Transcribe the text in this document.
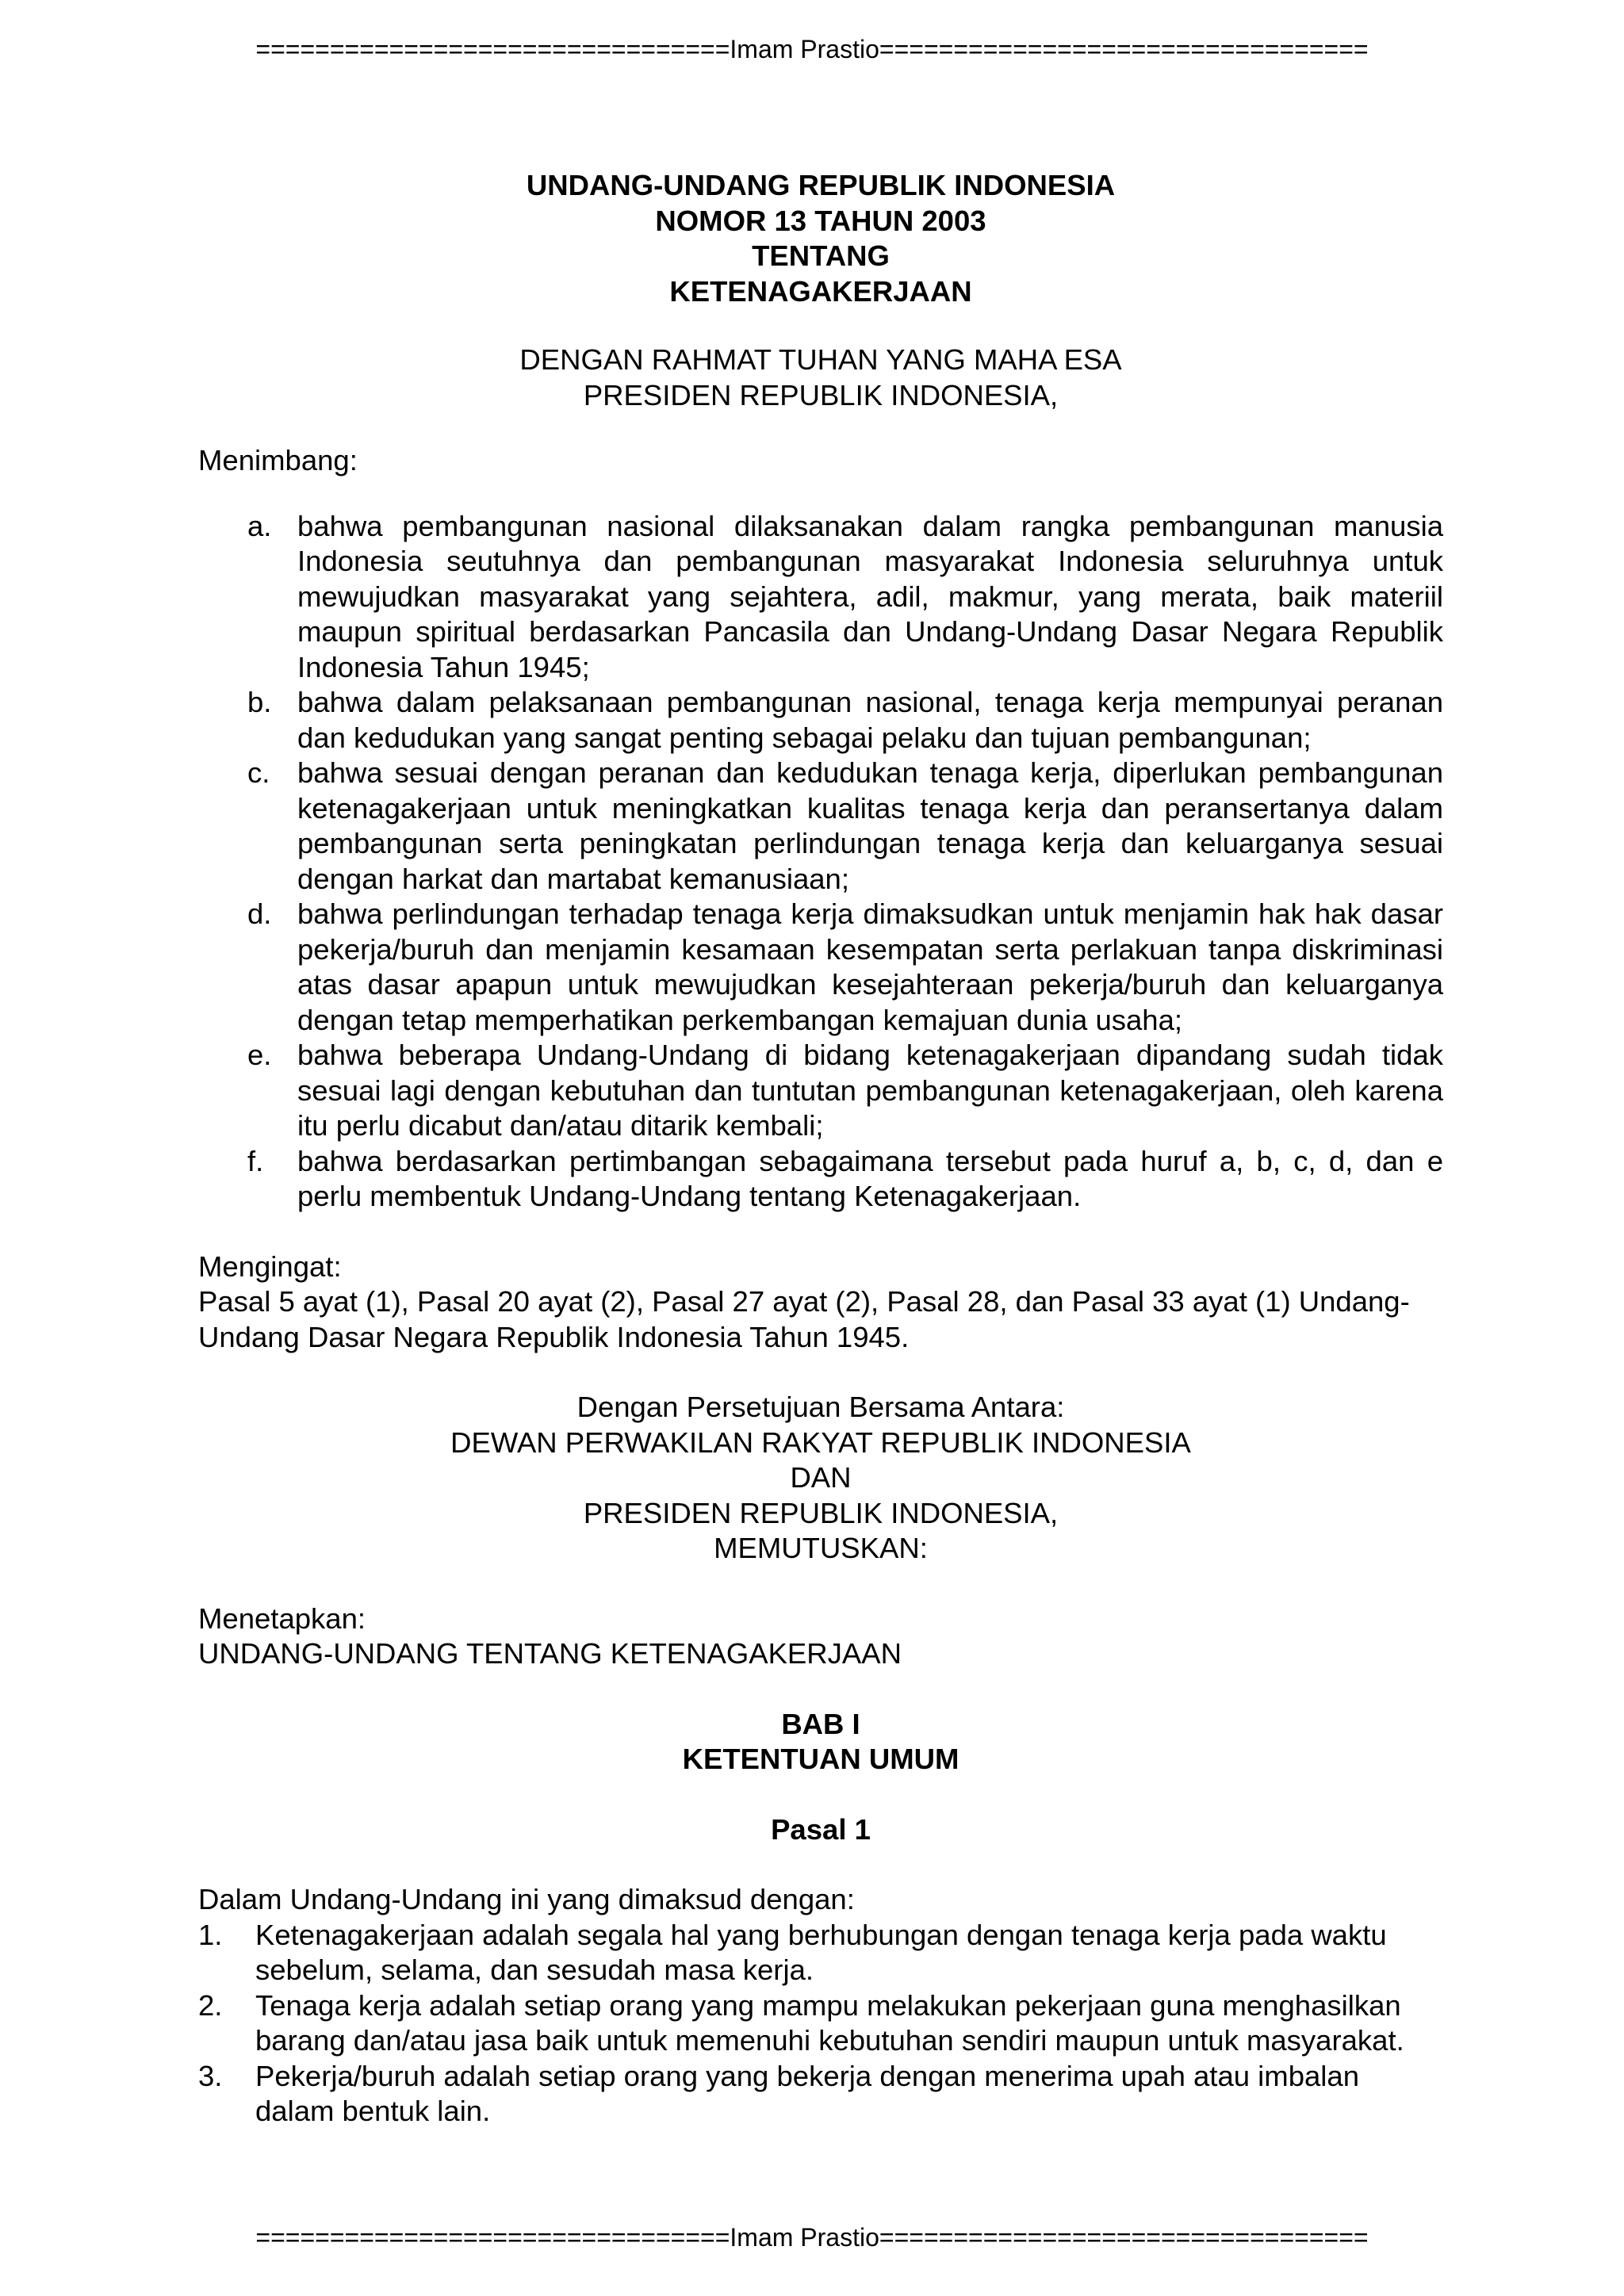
================================Imam Prastio=================================
UNDANG-UNDANG REPUBLIK INDONESIA
NOMOR 13 TAHUN 2003
TENTANG
KETENAGAKERJAAN
DENGAN RAHMAT TUHAN YANG MAHA ESA
PRESIDEN REPUBLIK INDONESIA,
Menimbang:
a. bahwa pembangunan nasional dilaksanakan dalam rangka pembangunan manusia Indonesia seutuhnya dan pembangunan masyarakat Indonesia seluruhnya untuk mewujudkan masyarakat yang sejahtera, adil, makmur, yang merata, baik materiil maupun spiritual berdasarkan Pancasila dan Undang-Undang Dasar Negara Republik Indonesia Tahun 1945;
b. bahwa dalam pelaksanaan pembangunan nasional, tenaga kerja mempunyai peranan dan kedudukan yang sangat penting sebagai pelaku dan tujuan pembangunan;
c. bahwa sesuai dengan peranan dan kedudukan tenaga kerja, diperlukan pembangunan ketenagakerjaan untuk meningkatkan kualitas tenaga kerja dan peransertanya dalam pembangunan serta peningkatan perlindungan tenaga kerja dan keluarganya sesuai dengan harkat dan martabat kemanusiaan;
d. bahwa perlindungan terhadap tenaga kerja dimaksudkan untuk menjamin hak hak dasar pekerja/buruh dan menjamin kesamaan kesempatan serta perlakuan tanpa diskriminasi atas dasar apapun untuk mewujudkan kesejahteraan pekerja/buruh dan keluarganya dengan tetap memperhatikan perkembangan kemajuan dunia usaha;
e. bahwa beberapa Undang-Undang di bidang ketenagakerjaan dipandang sudah tidak sesuai lagi dengan kebutuhan dan tuntutan pembangunan ketenagakerjaan, oleh karena itu perlu dicabut dan/atau ditarik kembali;
f. bahwa berdasarkan pertimbangan sebagaimana tersebut pada huruf a, b, c, d, dan e perlu membentuk Undang-Undang tentang Ketenagakerjaan.
Mengingat:
Pasal 5 ayat (1), Pasal 20 ayat (2), Pasal 27 ayat (2), Pasal 28, dan Pasal 33 ayat (1) Undang-Undang Dasar Negara Republik Indonesia Tahun 1945.
Dengan Persetujuan Bersama Antara:
DEWAN PERWAKILAN RAKYAT REPUBLIK INDONESIA
DAN
PRESIDEN REPUBLIK INDONESIA,
MEMUTUSKAN:
Menetapkan:
UNDANG-UNDANG TENTANG KETENAGAKERJAAN
BAB I
KETENTUAN UMUM
Pasal 1
Dalam Undang-Undang ini yang dimaksud dengan:
1. Ketenagakerjaan adalah segala hal yang berhubungan dengan tenaga kerja pada waktu sebelum, selama, dan sesudah masa kerja.
2. Tenaga kerja adalah setiap orang yang mampu melakukan pekerjaan guna menghasilkan barang dan/atau jasa baik untuk memenuhi kebutuhan sendiri maupun untuk masyarakat.
3. Pekerja/buruh adalah setiap orang yang bekerja dengan menerima upah atau imbalan dalam bentuk lain.
================================Imam Prastio=================================
